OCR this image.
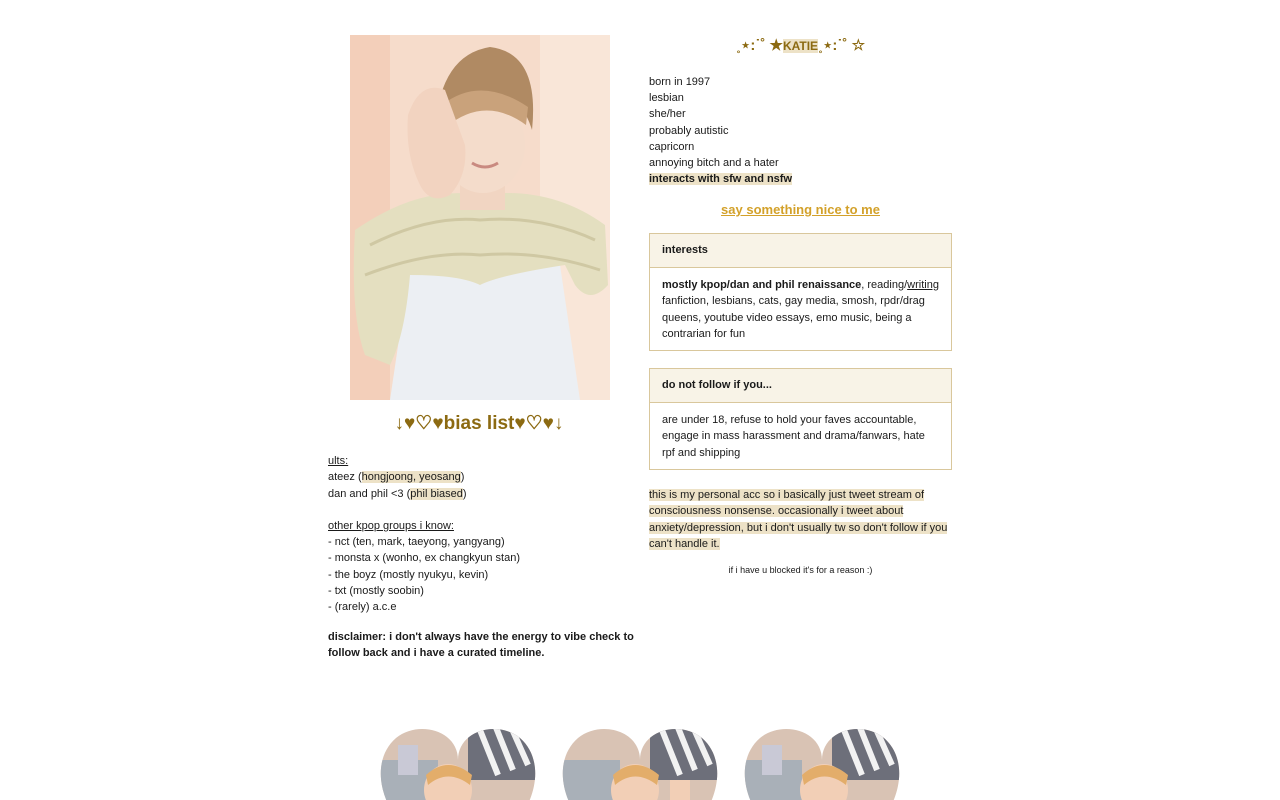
↓♥♡♥bias list♥♡♥↓
ults:
ateez (hongjoong, yeosang)
dan and phil <3 (phil biased)
other kpop groups i know:
- nct (ten, mark, taeyong, yangyang)
- monsta x (wonho, ex changkyun stan)
- the boyz (mostly nyukyu, kevin)
- txt (mostly soobin)
- (rarely) a.c.e
disclaimer: i don't always have the energy to vibe check to follow back and i have a curated timeline.
˳⋆:˙˚ ★KATIE˳⋆:˙˚ ☆
born in 1997
lesbian
she/her
probably autistic
capricorn
annoying bitch and a hater
interacts with sfw and nsfw
say something nice to me
interests
mostly kpop/dan and phil renaissance, reading/writing fanfiction, lesbians, cats, gay media, smosh, rpdr/drag queens, youtube video essays, emo music, being a contrarian for fun
do not follow if you...
are under 18, refuse to hold your faves accountable, engage in mass harassment and drama/fanwars, hate rpf and shipping
this is my personal acc so i basically just tweet stream of consciousness nonsense. occasionally i tweet about anxiety/depression, but i don't usually tw so don't follow if you can't handle it.
if i have u blocked it's for a reason :)
